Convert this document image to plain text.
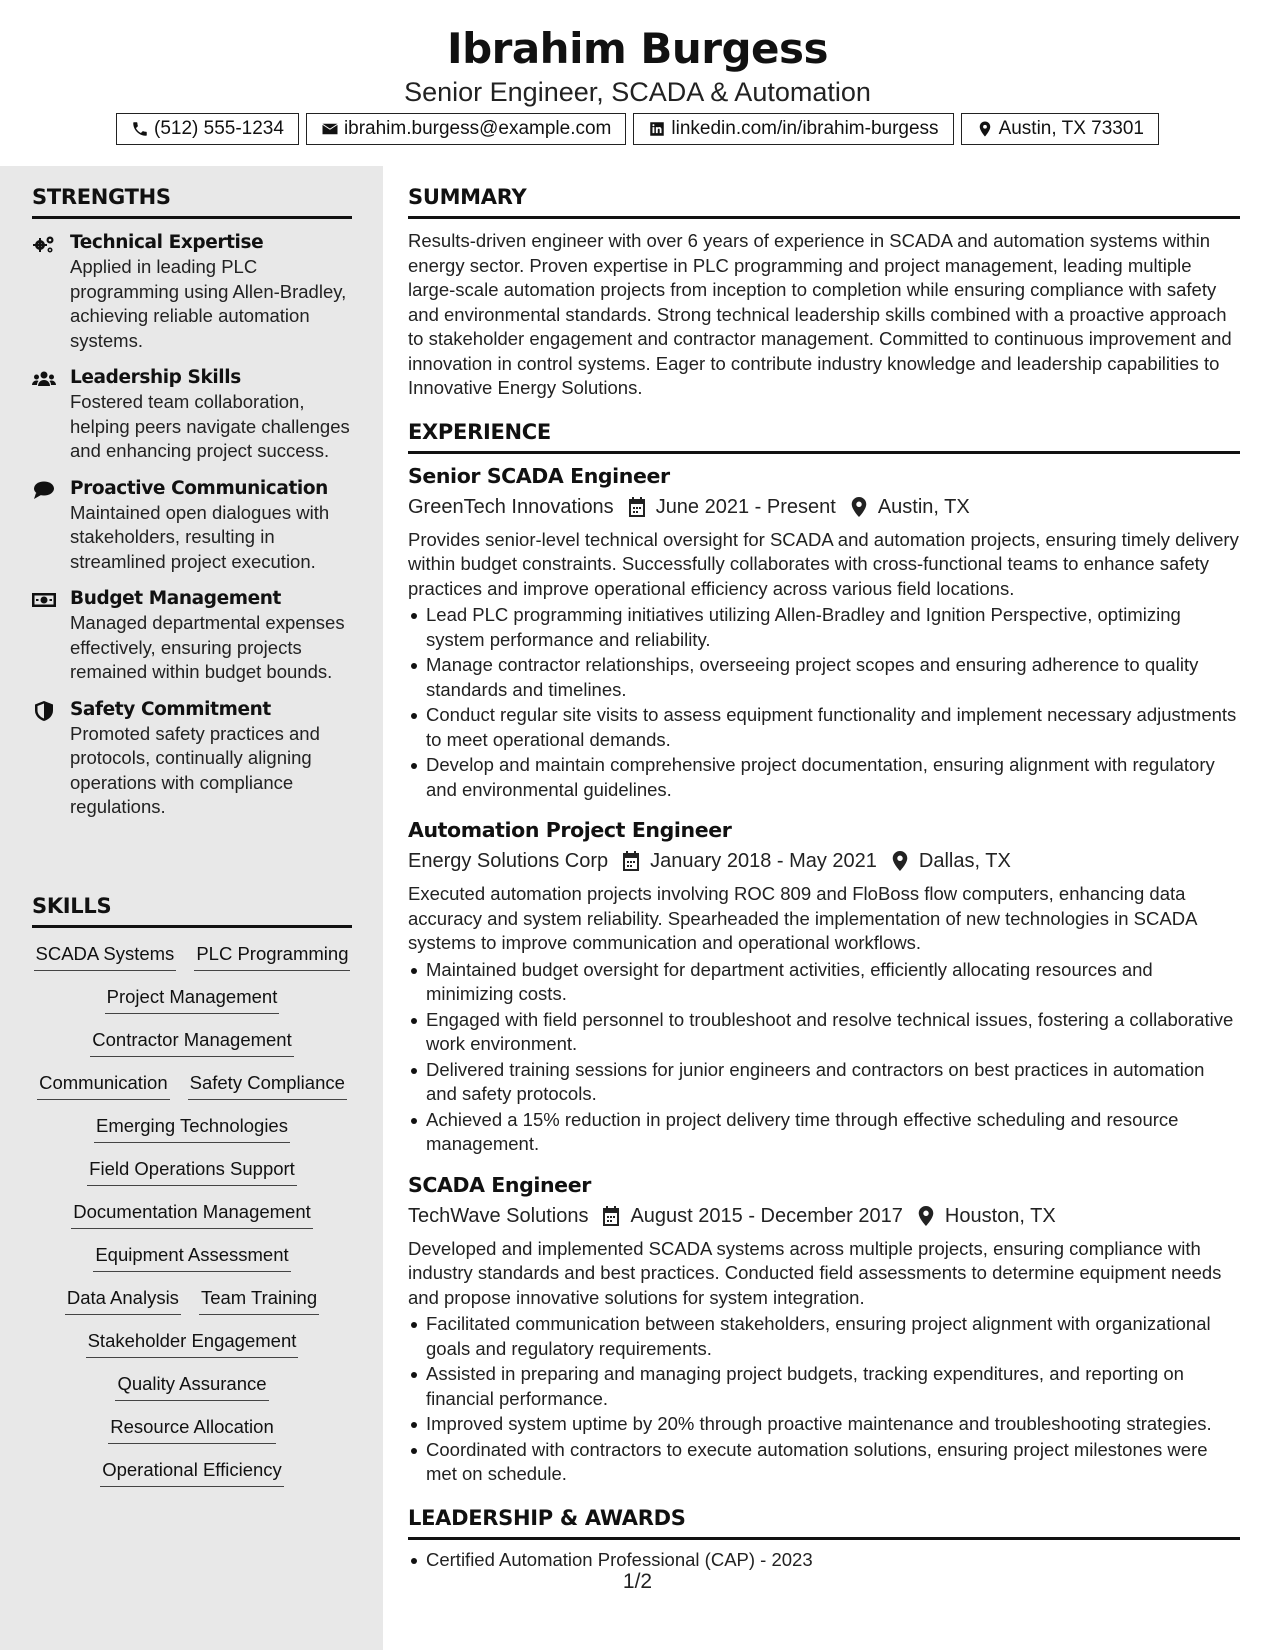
Ibrahim Burgess
Senior Engineer, SCADA & Automation
(512) 555-1234	ibrahim.burgess@example.com	linkedin.com/in/ibrahim-burgess	Austin, TX 73301
STRENGTHS
Technical Expertise
Applied in leading PLC programming using Allen-Bradley, achieving reliable automation systems.
Leadership Skills
Fostered team collaboration, helping peers navigate challenges and enhancing project success.
Proactive Communication
Maintained open dialogues with stakeholders, resulting in streamlined project execution.
Budget Management
Managed departmental expenses effectively, ensuring projects remained within budget bounds.
Safety Commitment
Promoted safety practices and protocols, continually aligning operations with compliance regulations.
SKILLS
SCADA Systems PLC Programming
Project Management
Contractor Management
Communication Safety Compliance
Emerging Technologies
Field Operations Support
Documentation Management
Equipment Assessment
Data Analysis Team Training
Stakeholder Engagement
Quality Assurance
Resource Allocation
Operational Efficiency
SUMMARY
Results-driven engineer with over 6 years of experience in SCADA and automation systems within energy sector. Proven expertise in PLC programming and project management, leading multiple large-scale automation projects from inception to completion while ensuring compliance with safety and environmental standards. Strong technical leadership skills combined with a proactive approach to stakeholder engagement and contractor management. Committed to continuous improvement and innovation in control systems. Eager to contribute industry knowledge and leadership capabilities to Innovative Energy Solutions.
EXPERIENCE
Senior SCADA Engineer
GreenTech Innovations June 2021 - Present Austin, TX
Provides senior-level technical oversight for SCADA and automation projects, ensuring timely delivery within budget constraints. Successfully collaborates with cross-functional teams to enhance safety practices and improve operational efficiency across various field locations.
Lead PLC programming initiatives utilizing Allen-Bradley and Ignition Perspective, optimizing system performance and reliability.
Manage contractor relationships, overseeing project scopes and ensuring adherence to quality standards and timelines.
Conduct regular site visits to assess equipment functionality and implement necessary adjustments to meet operational demands.
Develop and maintain comprehensive project documentation, ensuring alignment with regulatory and environmental guidelines.
Automation Project Engineer
Energy Solutions Corp January 2018 - May 2021 Dallas, TX
Executed automation projects involving ROC 809 and FloBoss flow computers, enhancing data accuracy and system reliability. Spearheaded the implementation of new technologies in SCADA systems to improve communication and operational workflows.
Maintained budget oversight for department activities, efficiently allocating resources and minimizing costs.
Engaged with field personnel to troubleshoot and resolve technical issues, fostering a collaborative work environment.
Delivered training sessions for junior engineers and contractors on best practices in automation and safety protocols.
Achieved a 15% reduction in project delivery time through effective scheduling and resource management.
SCADA Engineer
TechWave Solutions August 2015 - December 2017 Houston, TX
Developed and implemented SCADA systems across multiple projects, ensuring compliance with industry standards and best practices. Conducted field assessments to determine equipment needs and propose innovative solutions for system integration.
Facilitated communication between stakeholders, ensuring project alignment with organizational goals and regulatory requirements.
Assisted in preparing and managing project budgets, tracking expenditures, and reporting on financial performance.
Improved system uptime by 20% through proactive maintenance and troubleshooting strategies.
Coordinated with contractors to execute automation solutions, ensuring project milestones were met on schedule.
LEADERSHIP & AWARDS
Certified Automation Professional (CAP) - 2023
1/2
